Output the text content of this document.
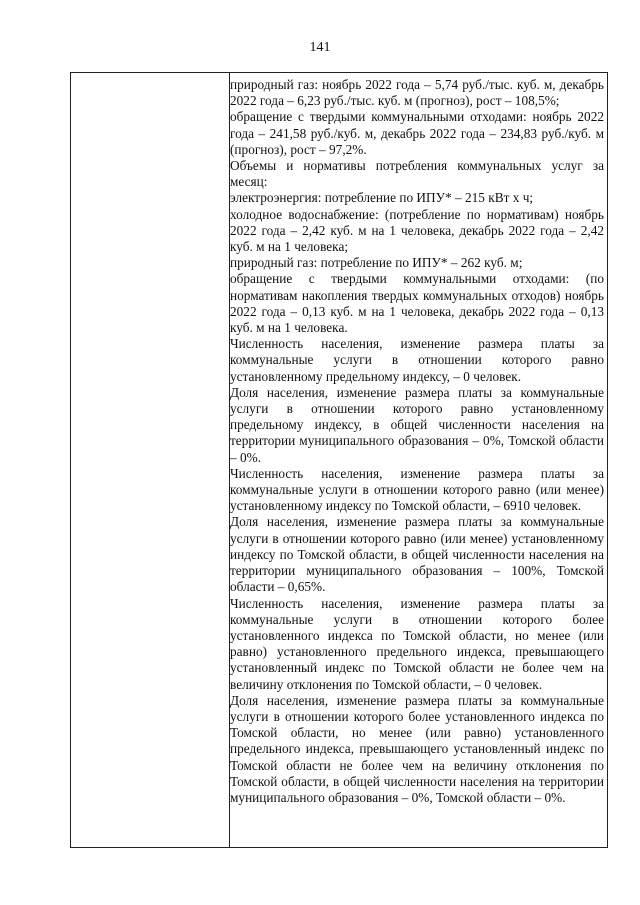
141

природный газ: ноябрь 2022 года – 5,74 руб./тыс. куб. м, декабрь 2022 года – 6,23 руб./тыс. куб. м (прогноз), рост – 108,5%;

обращение с твердыми коммунальными отходами: ноябрь 2022 года – 241,58 руб./куб. м, декабрь 2022 года – 234,83 руб./куб. м (прогноз), рост – 97,2%.

Объемы и нормативы потребления коммунальных услуг за месяц:

электроэнергия: потребление по ИПУ* – 215 кВт х ч;

холодное водоснабжение: (потребление по нормативам) ноябрь 2022 года – 2,42 куб. м на 1 человека, декабрь 2022 года – 2,42 куб. м на 1 человека;

природный газ: потребление по ИПУ* – 262 куб. м;

обращение с твердыми коммунальными отходами: (по нормативам накопления твердых коммунальных отходов) ноябрь 2022 года – 0,13 куб. м на 1 человека, декабрь 2022 года – 0,13 куб. м на 1 человека.

Численность населения, изменение размера платы за коммунальные услуги в отношении которого равно установленному предельному индексу, – 0 человек.

Доля населения, изменение размера платы за коммунальные услуги в отношении которого равно установленному предельному индексу, в общей численности населения на территории муниципального образования – 0%, Томской области – 0%.

Численность населения, изменение размера платы за коммунальные услуги в отношении которого равно (или менее) установленному индексу по Томской области, – 6910 человек.

Доля населения, изменение размера платы за коммунальные услуги в отношении которого равно (или менее) установленному индексу по Томской области, в общей численности населения на территории муниципального образования – 100%, Томской области – 0,65%.

Численность населения, изменение размера платы за коммунальные услуги в отношении которого более установленного индекса по Томской области, но менее (или равно) установленного предельного индекса, превышающего установленный индекс по Томской области не более чем на величину отклонения по Томской области, – 0 человек.

Доля населения, изменение размера платы за коммунальные услуги в отношении которого более установленного индекса по Томской области, но менее (или равно) установленного предельного индекса, превышающего установленный индекс по Томской области не более чем на величину отклонения по Томской области, в общей численности населения на территории муниципального образования – 0%, Томской области – 0%.
